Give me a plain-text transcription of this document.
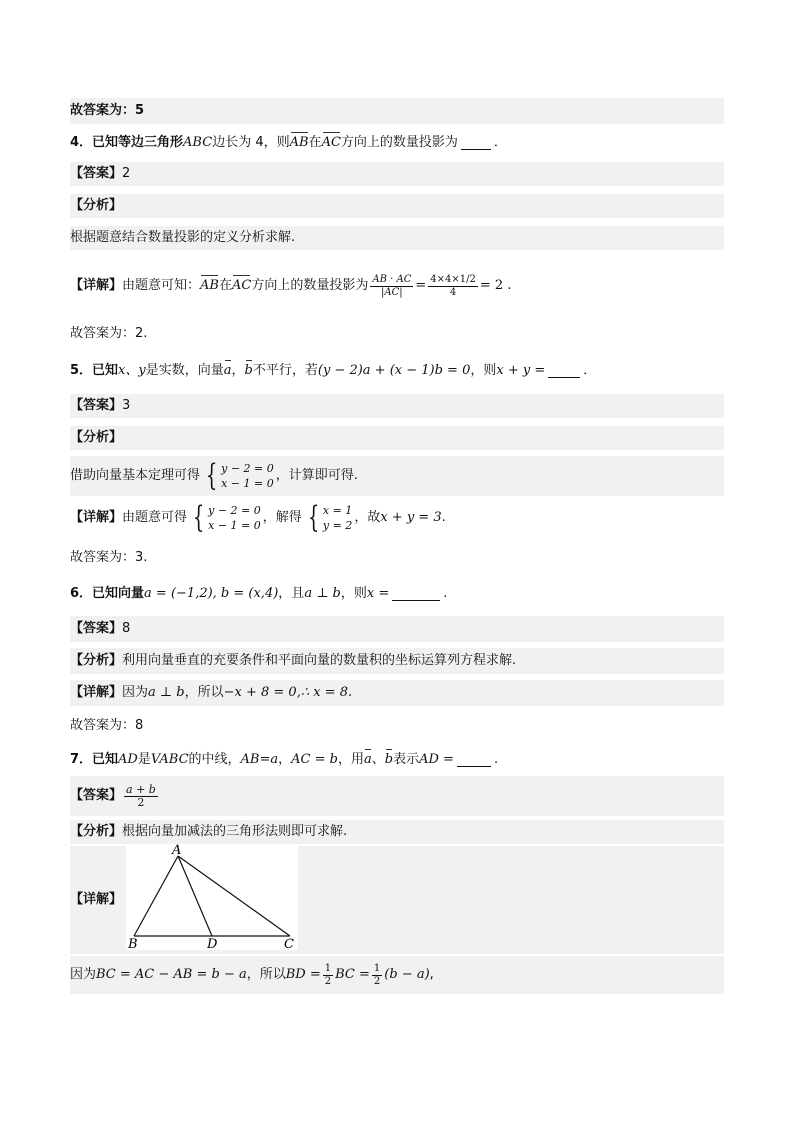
故答案为：5
4．已知等边三角形 ABC 边长为 4，则 AB 在 AC 方向上的数量投影为	．
【答案】 2
【分析】
根据题意结合数量投影的定义分析求解.
【详解】 由题意可知： AB 在 AC 方向上的数量投影为 $\frac{AB \cdot AC}{|AC|} = \frac{4\times 4\times 1/2}{4} = 2$ .
故答案为：2.
5．已知 x、y 是实数，向量 a ， b 不平行，若 (y − 2)a + (x − 1)b = 0 ，则 x + y =	．
【答案】 3
【分析】
借助向量基本定理可得 { y − 2 = 0
x − 1 = 0
，计算即可得.
【详解】 由题意可得 { y − 2 = 0
x − 1 = 0
，解得 { x = 1
y = 2
，故 x + y = 3 .
故答案为：3.
6．已知向量 a = (−1,2), b = (x,4) ，且 a ⊥ b ，则 x =	.
【答案】 8
【分析】 利用向量垂直的充要条件和平面向量的数量积的坐标运算列方程求解.
【详解】 因为 a ⊥ b ，所以 −x + 8 = 0,∴ x = 8.
故答案为：8
7．已知 AD 是 VABC 的中线， AB=a ， AC = b ，用 a 、 b 表示 AD =	.
【答案】 $\frac{a + b}{2}$
【分析】 根据向量加减法的三角形法则即可求解.
【详解】
A
B	D	C
因为 BC = AC − AB = b − a ，所以 BD = $\frac{1}{2}$ BC = $\frac{1}{2} (b - a)$ ,
